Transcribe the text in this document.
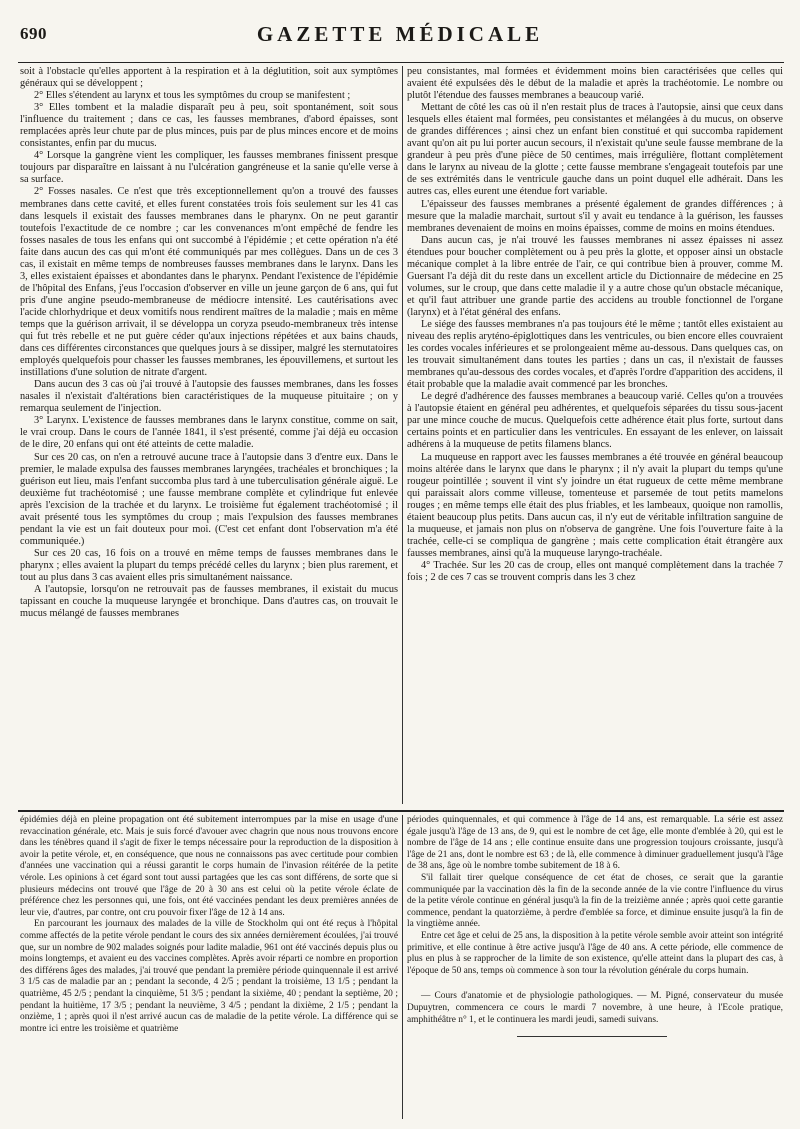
690	GAZETTE MÉDICALE

soit à l'obstacle qu'elles apportent à la respiration et à la déglutition, soit aux symptômes généraux qui se développent ;

2° Elles s'étendent au larynx et tous les symptômes du croup se manifestent ;

3° Elles tombent et la maladie disparaît peu à peu, soit spontanément, soit sous l'influence du traitement ; dans ce cas, les fausses membranes, d'abord épaisses, sont remplacées après leur chute par de plus minces, puis par de plus minces encore et de moins consistantes, enfin par du mucus.

4° Lorsque la gangrène vient les compliquer, les fausses membranes finissent presque toujours par disparaître en laissant à nu l'ulcération gangréneuse et la sanie qu'elle verse à sa surface.

2° Fosses nasales. Ce n'est que très exceptionnellement qu'on a trouvé des fausses membranes dans cette cavité, et elles furent constatées trois fois seulement sur les 41 cas dans lesquels il existait des fausses membranes dans le pharynx. On ne peut garantir toutefois l'exactitude de ce nombre ; car les convenances m'ont empêché de fendre les fosses nasales de tous les enfans qui ont succombé à l'épidémie ; et cette opération n'a été faite dans aucun des cas qui m'ont été communiqués par mes collègues. Dans un de ces 3 cas, il existait en même temps de nombreuses fausses membranes dans le larynx. Dans les 3, elles existaient épaisses et abondantes dans le pharynx. Pendant l'existence de l'épidémie de l'hôpital des Enfans, j'eus l'occasion d'observer en ville un jeune garçon de 6 ans, qui fut pris d'une angine pseudo-membraneuse de médiocre intensité. Les cautérisations avec l'acide chlorhydrique et deux vomitifs nous rendirent maîtres de la maladie ; mais en même temps que la guérison arrivait, il se développa un coryza pseudo-membraneux très intense qui fut très rebelle et ne put guère céder qu'aux injections répétées et aux bains chauds, dans ces différentes circonstances que quelques jours à se dissiper, malgré les sternutatoires employés quelquefois pour chasser les fausses membranes, les épouvillemens, et surtout les instillations d'une solution de nitrate d'argent.

Dans aucun des 3 cas où j'ai trouvé à l'autopsie des fausses membranes, dans les fosses nasales il n'existait d'altérations bien caractéristiques de la muqueuse pituitaire ; on y remarqua seulement de l'injection.

3° Larynx. L'existence de fausses membranes dans le larynx constitue, comme on sait, le vrai croup. Dans le cours de l'année 1841, il s'est présenté, comme j'ai déjà eu occasion de le dire, 20 enfans qui ont été atteints de cette maladie.

Sur ces 20 cas, on n'en a retrouvé aucune trace à l'autopsie dans 3 d'entre eux. Dans le premier, le malade expulsa des fausses membranes laryngées, trachéales et bronchiques ; la guérison eut lieu, mais l'enfant succomba plus tard à une tuberculisation générale aiguë. Le deuxième fut trachéotomisé ; une fausse membrane complète et cylindrique fut enlevée après l'excision de la trachée et du larynx. Le troisième fut également trachéotomisé ; il avait présenté tous les symptômes du croup ; mais l'expulsion des fausses membranes pendant la vie est un fait douteux pour moi. (C'est cet enfant dont l'observation m'a été communiquée.)

Sur ces 20 cas, 16 fois on a trouvé en même temps de fausses membranes dans le pharynx ; elles avaient la plupart du temps précédé celles du larynx ; bien plus rarement, et tout au plus dans 3 cas avaient elles pris simultanément naissance.

A l'autopsie, lorsqu'on ne retrouvait pas de fausses membranes, il existait du mucus tapissant en couche la muqueuse laryngée et bronchique. Dans d'autres cas, on trouvait le mucus mélangé de fausses membranes

peu consistantes, mal formées et évidemment moins bien caractérisées que celles qui avaient été expulsées dès le début de la maladie et après la trachéotomie. Le nombre ou plutôt l'étendue des fausses membranes a beaucoup varié.

Mettant de côté les cas où il n'en restait plus de traces à l'autopsie, ainsi que ceux dans lesquels elles étaient mal formées, peu consistantes et mélangées à du mucus, on observe de grandes différences ; ainsi chez un enfant bien constitué et qui succomba rapidement avant qu'on ait pu lui porter aucun secours, il n'existait qu'une seule fausse membrane de la grandeur à peu près d'une pièce de 50 centimes, mais irrégulière, flottant complètement dans le larynx au niveau de la glotte ; cette fausse membrane s'engageait toutefois par une de ses extrémités dans le ventricule gauche dans un point duquel elle adhérait. Dans les autres cas, elles eurent une étendue fort variable.

L'épaisseur des fausses membranes a présenté également de grandes différences ; à mesure que la maladie marchait, surtout s'il y avait eu tendance à la guérison, les fausses membranes devenaient de moins en moins épaisses, comme de moins en moins étendues.

Dans aucun cas, je n'ai trouvé les fausses membranes ni assez épaisses ni assez étendues pour boucher complètement ou à peu près la glotte, et opposer ainsi un obstacle mécanique complet à la libre entrée de l'air, ce qui contribue bien à prouver, comme M. Guersant l'a déjà dit du reste dans un excellent article du Dictionnaire de médecine en 25 volumes, sur le croup, que dans cette maladie il y a autre chose qu'un obstacle mécanique, et qu'il faut attribuer une grande partie des accidens au trouble fonctionnel de l'organe (larynx) et à l'état général des enfans.

Le siége des fausses membranes n'a pas toujours été le même ; tantôt elles existaient au niveau des replis aryténo-épiglottiques dans les ventricules, ou bien encore elles couvraient les cordes vocales inférieures et se prolongeaient même au-dessous. Dans quelques cas, on les trouvait simultanément dans toutes les parties ; dans un cas, il n'existait de fausses membranes qu'au-dessous des cordes vocales, et d'après l'ordre d'apparition des accidens, il était probable que la maladie avait commencé par les bronches.

Le degré d'adhérence des fausses membranes a beaucoup varié. Celles qu'on a trouvées à l'autopsie étaient en général peu adhérentes, et quelquefois séparées du tissu sous-jacent par une mince couche de mucus. Quelquefois cette adhérence était plus forte, surtout dans certains points et en particulier dans les ventricules. En essayant de les enlever, on laissait adhérens à la muqueuse de petits filamens blancs.

La muqueuse en rapport avec les fausses membranes a été trouvée en général beaucoup moins altérée dans le larynx que dans le pharynx ; il n'y avait la plupart du temps qu'une rougeur pointillée ; souvent il vint s'y joindre un état rugueux de cette même membrane qui paraissait alors comme villeuse, tomenteuse et parsemée de tout petits mamelons rouges ; en même temps elle était des plus friables, et les lambeaux, quoique non ramollis, étaient beaucoup plus petits. Dans aucun cas, il n'y eut de véritable infiltration sanguine de la muqueuse, et jamais non plus on n'observa de gangrène. Une fois l'ouverture faite à la trachée, celle-ci se compliqua de gangrène ; mais cette complication était étrangère aux fausses membranes, ainsi qu'à la muqueuse laryngo-trachéale.

4° Trachée. Sur les 20 cas de croup, elles ont manqué complètement dans la trachée 7 fois ; 2 de ces 7 cas se trouvent compris dans les 3 chez

épidémies déjà en pleine propagation ont été subitement interrompues par la mise en usage d'une revaccination générale, etc. Mais je suis forcé d'avouer avec chagrin que nous nous trouvons encore dans les ténèbres quand il s'agit de fixer le temps nécessaire pour la reproduction de la disposition à avoir la petite vérole, et, en conséquence, que nous ne connaissons pas avec certitude pour combien d'années une vaccination qui a réussi garantit le corps humain de l'invasion réitérée de la petite vérole. Les opinions à cet égard sont tout aussi partagées que les cas sont différens, de sorte que si plusieurs médecins ont trouvé que l'âge de 20 à 30 ans est celui où la petite vérole éclate de préférence chez les personnes qui, une fois, ont été vaccinées pendant les deux premières années de leur vie, d'autres, par contre, ont cru pouvoir fixer l'âge de 12 à 14 ans.

En parcourant les journaux des malades de la ville de Stockholm qui ont été reçus à l'hôpital comme affectés de la petite vérole pendant le cours des six années dernièrement écoulées, j'ai trouvé que, sur un nombre de 902 malades soignés pour ladite maladie, 961 ont été vaccinés depuis plus ou moins longtemps, et avaient eu des vaccines complètes. Après avoir réparti ce nombre en proportion des différens âges des malades, j'ai trouvé que pendant la première période quinquennale il est arrivé 3 1/5 cas de maladie par an ; pendant la seconde, 4 2/5 ; pendant la troisième, 13 1/5 ; pendant la quatrième, 45 2/5 ; pendant la cinquième, 51 3/5 ; pendant la sixième, 40 ; pendant la septième, 20 ; pendant la huitième, 17 3/5 ; pendant la neuvième, 3 4/5 ; pendant la dixième, 2 1/5 ; pendant la onzième, 1 ; après quoi il n'est arrivé aucun cas de maladie de la petite vérole. La différence qui se montre ici entre les troisième et quatrième

périodes quinquennales, et qui commence à l'âge de 14 ans, est remarquable. La série est assez égale jusqu'à l'âge de 13 ans, de 9, qui est le nombre de cet âge, elle monte d'emblée à 20, qui est le nombre de l'âge de 14 ans ; elle continue ensuite dans une progression toujours croissante, jusqu'à l'âge de 21 ans, dont le nombre est 63 ; de là, elle commence à diminuer graduellement jusqu'à l'âge de 38 ans, âge où le nombre tombe subitement de 18 à 6.

S'il fallait tirer quelque conséquence de cet état de choses, ce serait que la garantie communiquée par la vaccination dès la fin de la seconde année de la vie contre l'influence du virus de la petite vérole continue en général jusqu'à la fin de la treizième année ; après quoi cette garantie commence, pendant la quatorzième, à perdre d'emblée sa force, et diminue ensuite jusqu'à la fin de la vingtième année.

Entre cet âge et celui de 25 ans, la disposition à la petite vérole semble avoir atteint son intégrité primitive, et elle continue à être active jusqu'à l'âge de 40 ans. A cette période, elle commence de plus en plus à se rapprocher de la limite de son existence, qu'elle atteint dans la plupart des cas, à l'époque de 50 ans, temps où commence à son tour la révolution générale du corps humain.

— Cours d'anatomie et de physiologie pathologiques. — M. Pigné, conservateur du musée Dupuytren, commencera ce cours le mardi 7 novembre, à une heure, à l'Ecole pratique, amphithéâtre n° 1, et le continuera les mardi jeudi, samedi suivans.
